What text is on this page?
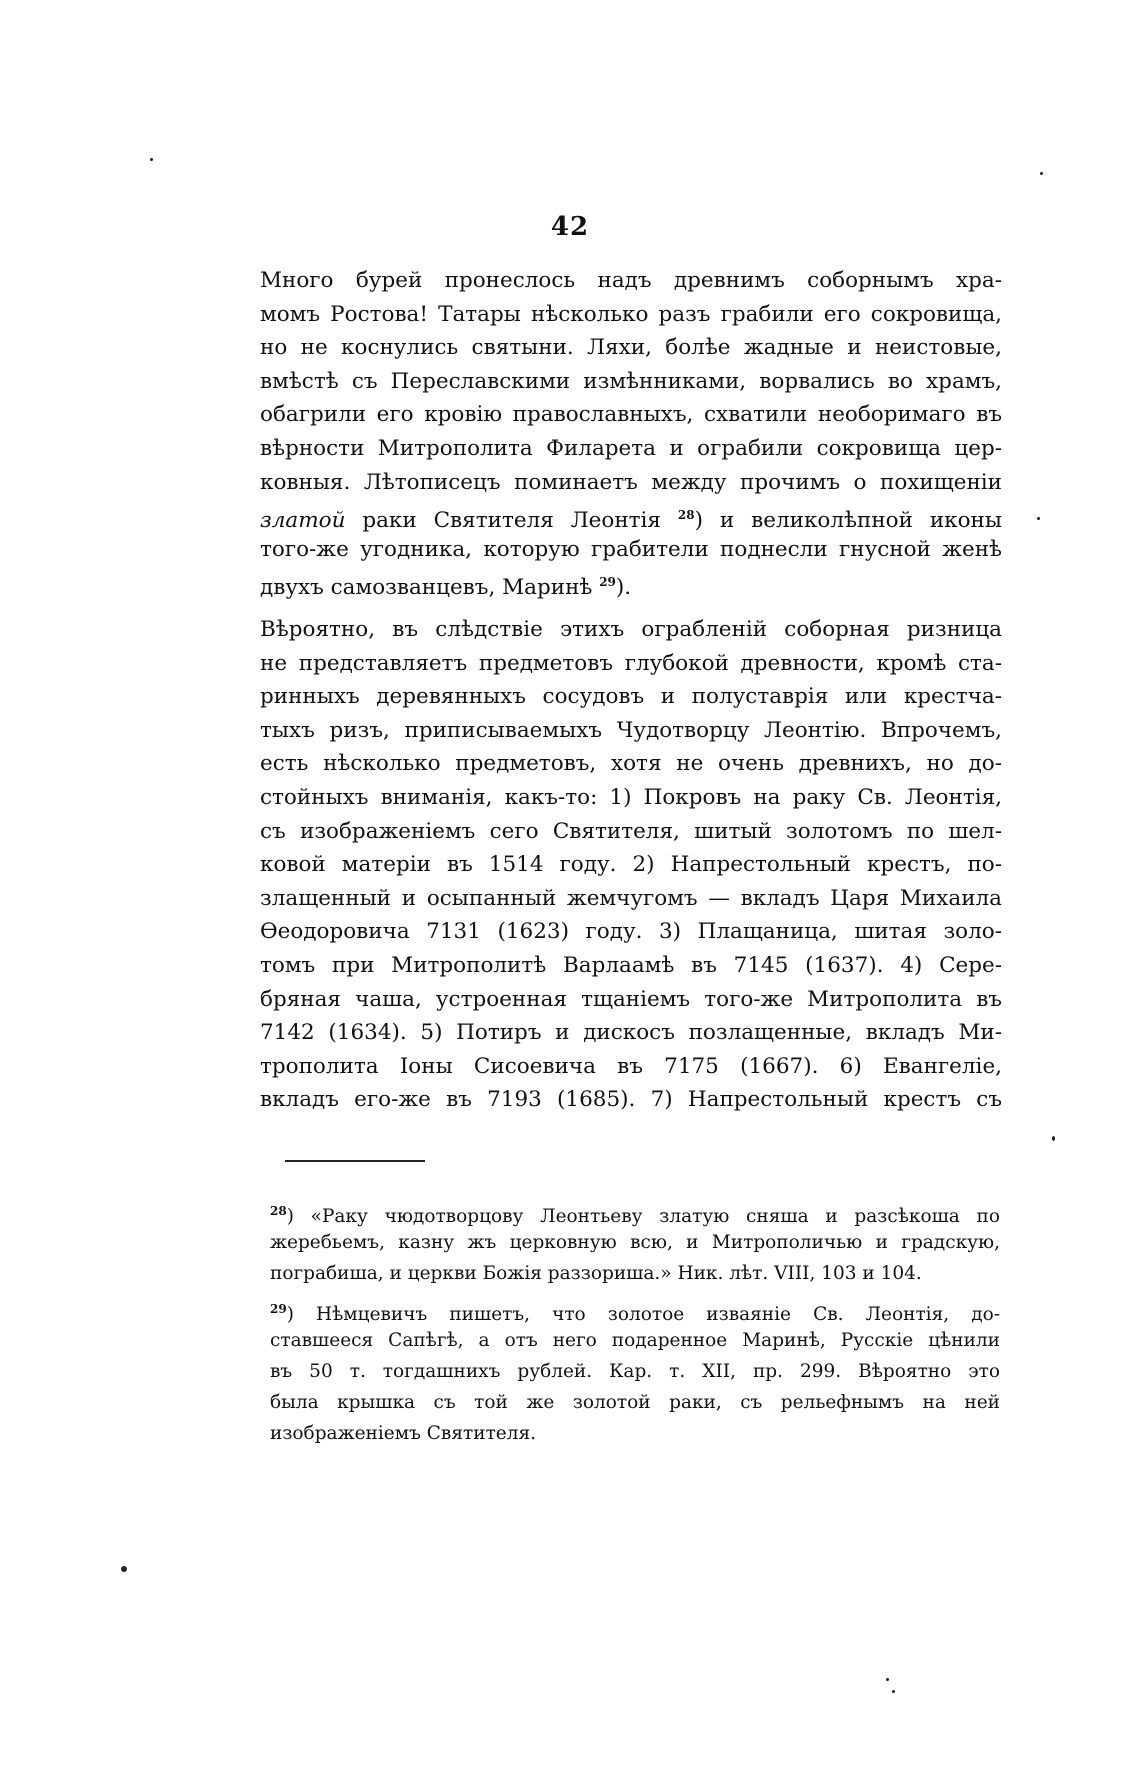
42
Много бурей пронеслось надъ древнимъ соборнымъ хра-
момъ Ростова! Татары нѣсколько разъ грабили его сокровища,
но не коснулись святыни. Ляхи, болѣе жадные и неистовые,
вмѣстѣ съ Переславскими измѣнниками, ворвались во храмъ,
обагрили его кровію православныхъ, схватили необоримаго въ
вѣрности Митрополита Филарета и ограбили сокровища цер-
ковныя. Лѣтописецъ поминаетъ между прочимъ о похищеніи
златой раки Святителя Леонтія $^{28}$) и великолѣпной иконы
того-же угодника, которую грабители поднесли гнусной женѣ
двухъ самозванцевъ, Маринѣ $^{29}$).
Вѣроятно, въ слѣдствіе этихъ ограбленій соборная ризница
не представляетъ предметовъ глубокой древности, кромѣ ста-
ринныхъ деревянныхъ сосудовъ и полуставрія или крестча-
тыхъ ризъ, приписываемыхъ Чудотворцу Леонтію. Впрочемъ,
есть нѣсколько предметовъ, хотя не очень древнихъ, но до-
стойныхъ вниманія, какъ-то: 1) Покровъ на раку Св. Леонтія,
съ изображеніемъ сего Святителя, шитый золотомъ по шел-
ковой матеріи въ 1514 году. 2) Напрестольный крестъ, по-
злащенный и осыпанный жемчугомъ — вкладъ Царя Михаила
Ѳеодоровича 7131 (1623) году. 3) Плащаница, шитая золо-
томъ при Митрополитѣ Варлаамѣ въ 7145 (1637). 4) Сере-
бряная чаша, устроенная тщаніемъ того-же Митрополита въ
7142 (1634). 5) Потиръ и дискосъ позлащенные, вкладъ Ми-
трополита Іоны Сисоевича въ 7175 (1667). 6) Евангеліе,
вкладъ его-же въ 7193 (1685). 7) Напрестольный крестъ съ
$^{28}$) «Раку чюдотворцову Леонтьеву златую сняша и разсѣкоша по
жеребьемъ, казну жъ церковную всю, и Митрополичью и градскую,
пограбиша, и церкви Божія раззориша.» Ник. лѣт. VIII, 103 и 104.
$^{29}$) Нѣмцевичъ пишетъ, что золотое изваяніе Св. Леонтія, до-
ставшееся Сапѣгѣ, а отъ него подаренное Маринѣ, Русскіе цѣнили
въ 50 т. тогдашнихъ рублей. Кар. т. XII, пр. 299. Вѣроятно это
была крышка съ той же золотой раки, съ рельефнымъ на ней
изображеніемъ Святителя.
